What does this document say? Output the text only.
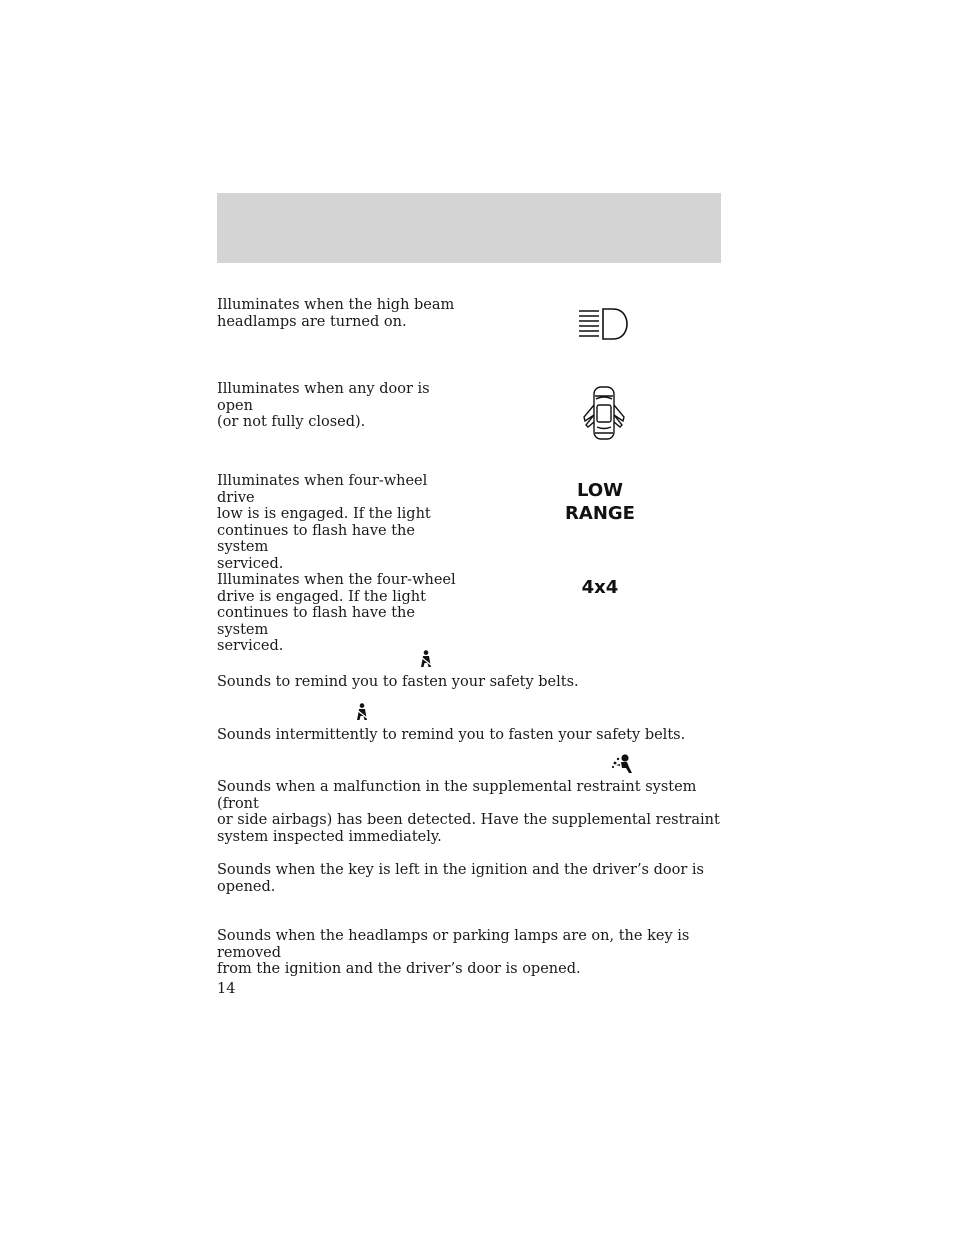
Illuminates when the high beam
headlamps are turned on.

Illuminates when any door is open
(or not fully closed).

Illuminates when four-wheel drive
low is is engaged. If the light
continues to flash have the system
serviced.

LOW
RANGE

Illuminates when the four-wheel
drive is engaged. If the light
continues to flash have the system
serviced.

4x4

Sounds to remind you to fasten your safety belts.

Sounds intermittently to remind you to fasten your safety belts.

Sounds when a malfunction in the supplemental restraint system (front
or side airbags) has been detected. Have the supplemental restraint
system inspected immediately.

Sounds when the key is left in the ignition and the driver’s door is
opened.

Sounds when the headlamps or parking lamps are on, the key is removed
from the ignition and the driver’s door is opened.

14
